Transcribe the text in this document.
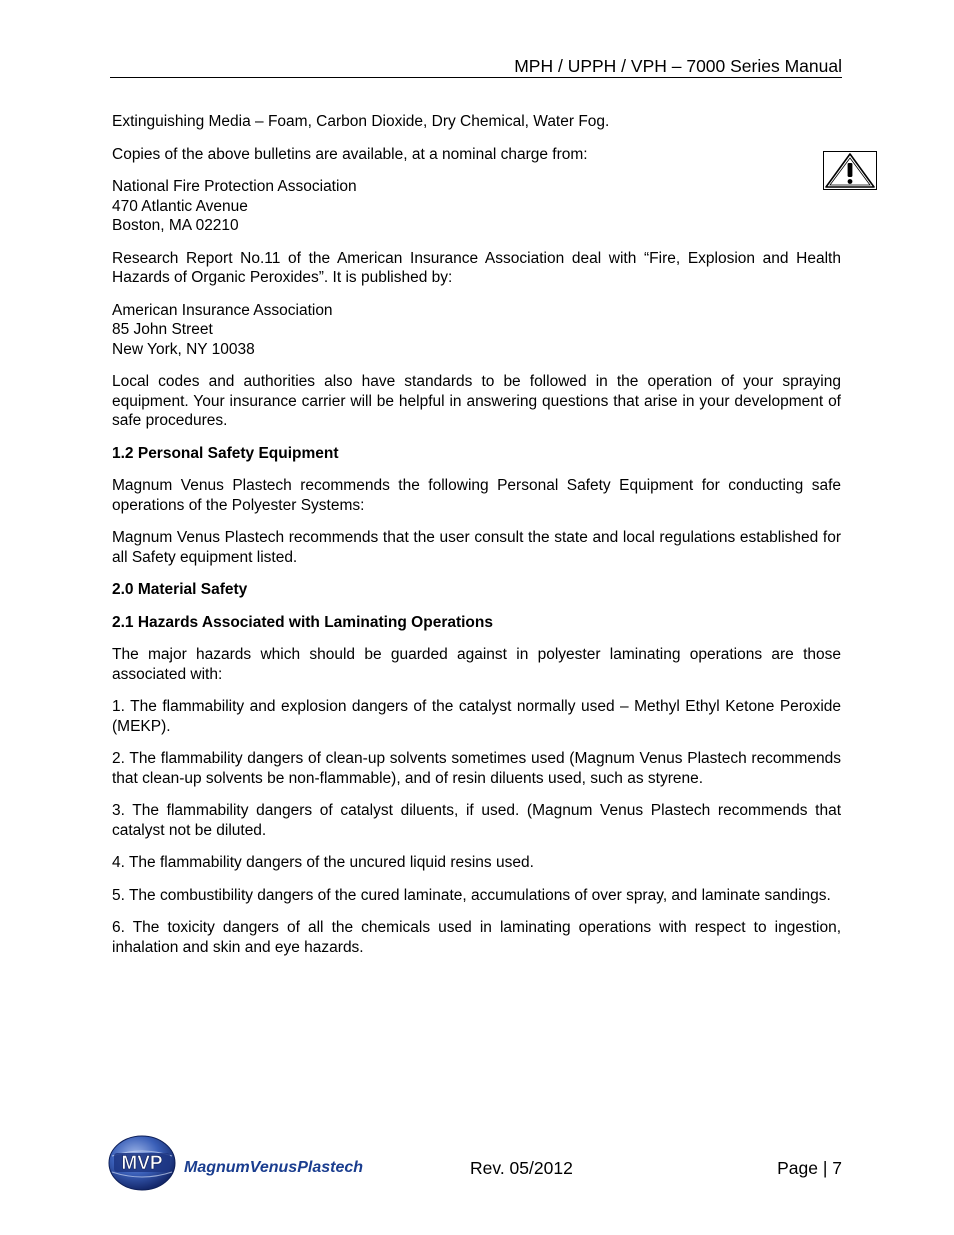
MPH / UPPH / VPH – 7000 Series Manual

Extinguishing Media – Foam, Carbon Dioxide, Dry Chemical, Water Fog.

Copies of the above bulletins are available, at a nominal charge from:

National Fire Protection Association
470 Atlantic Avenue
Boston, MA 02210

Research Report No.11 of the American Insurance Association deal with “Fire, Explosion and Health Hazards of Organic Peroxides”. It is published by:

American Insurance Association
85 John Street
New York, NY 10038

Local codes and authorities also have standards to be followed in the operation of your spraying equipment. Your insurance carrier will be helpful in answering questions that arise in your development of safe procedures.

1.2 Personal Safety Equipment

Magnum Venus Plastech recommends the following Personal Safety Equipment for conducting safe operations of the Polyester Systems:

Magnum Venus Plastech recommends that the user consult the state and local regulations established for all Safety equipment listed.

2.0 Material Safety
2.1 Hazards Associated with Laminating Operations

The major hazards which should be guarded against in polyester laminating operations are those associated with:

1. The flammability and explosion dangers of the catalyst normally used – Methyl Ethyl Ketone Peroxide (MEKP).

2. The flammability dangers of clean-up solvents sometimes used (Magnum Venus Plastech recommends that clean-up solvents be non-flammable), and of resin diluents used, such as styrene.

3. The flammability dangers of catalyst diluents, if used. (Magnum Venus Plastech recommends that catalyst not be diluted.

4. The flammability dangers of the uncured liquid resins used.

5. The combustibility dangers of the cured laminate, accumulations of over spray, and laminate sandings.

6. The toxicity dangers of all the chemicals used in laminating operations with respect to ingestion, inhalation and skin and eye hazards.

MVP MagnumVenusPlastech	Rev. 05/2012	Page | 7
